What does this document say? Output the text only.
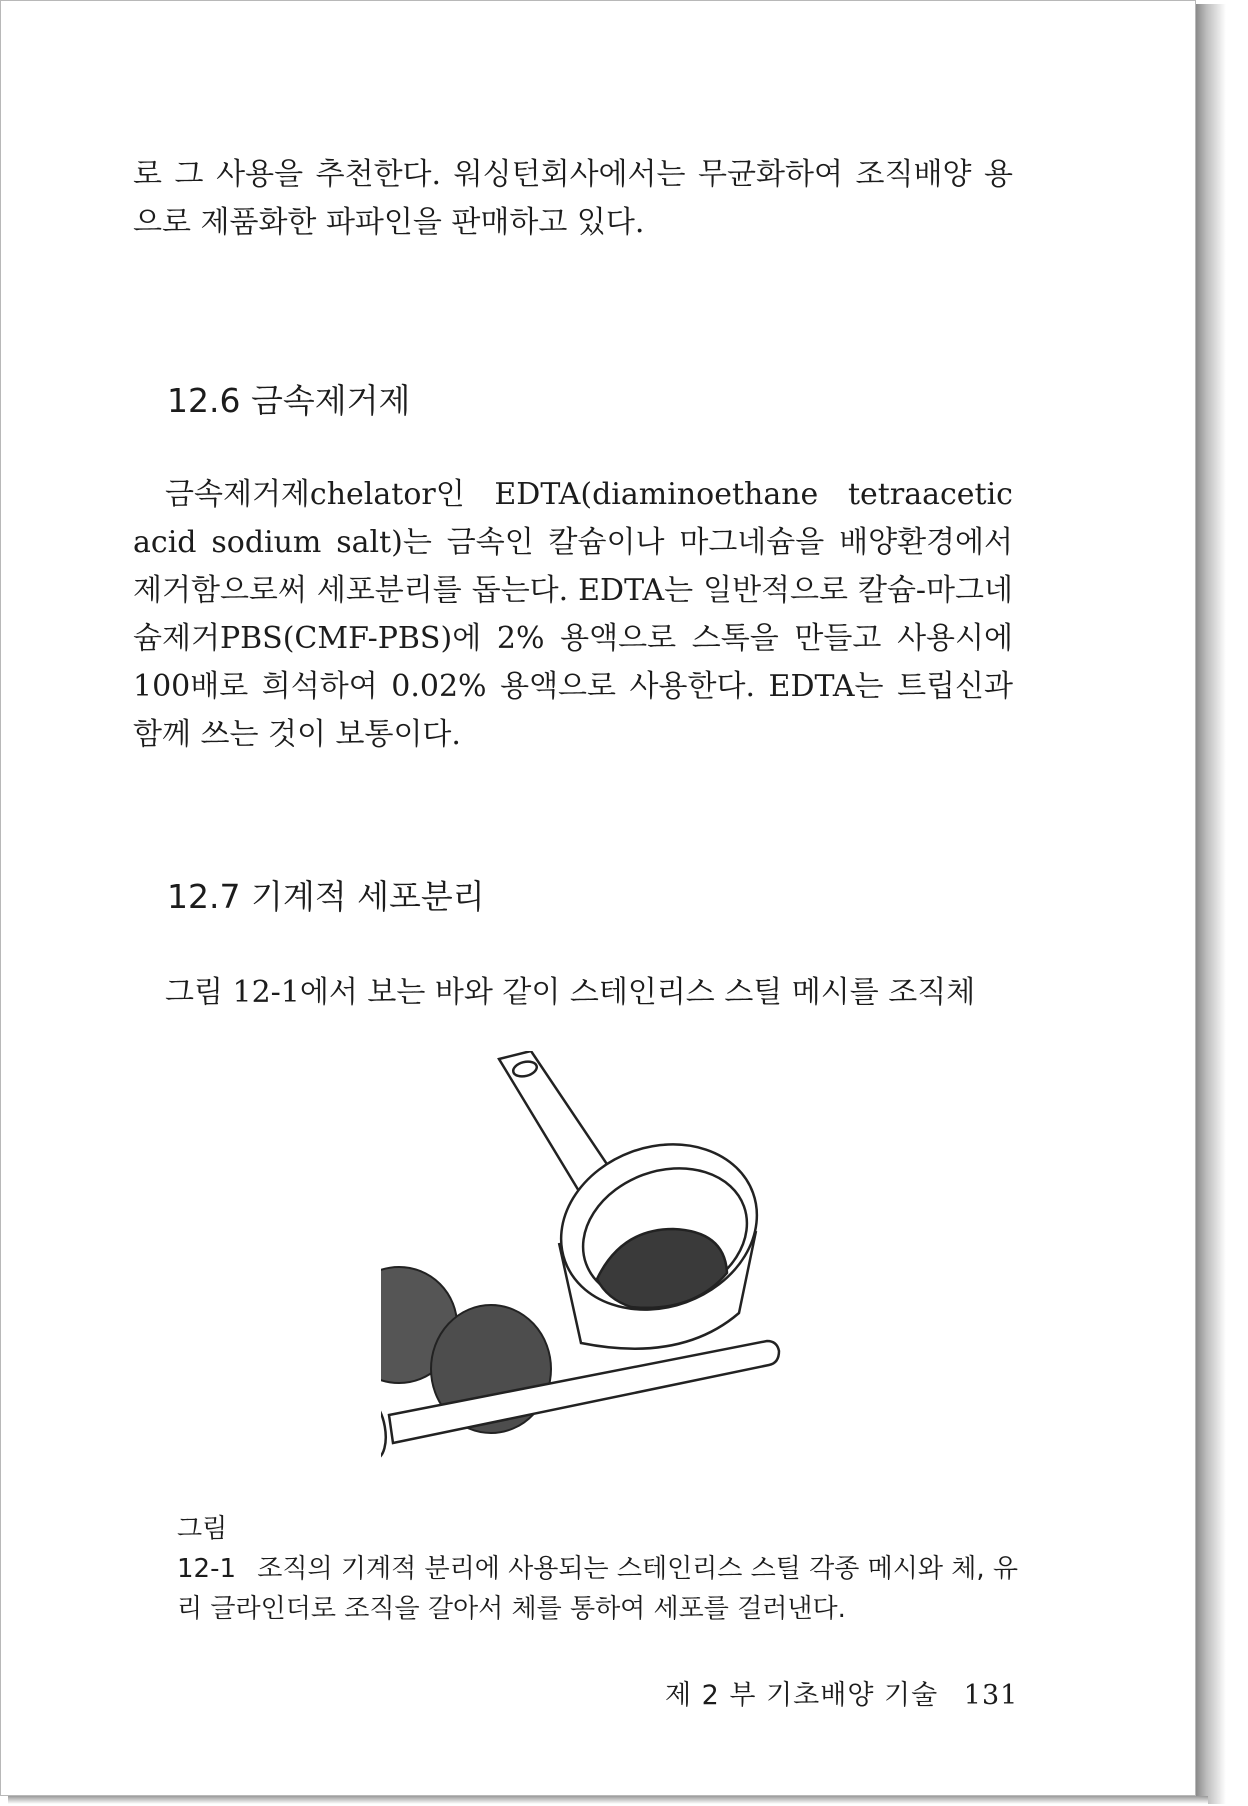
로 그 사용을 추천한다. 워싱턴회사에서는 무균화하여 조직배양 용으로 제품화한 파파인을 판매하고 있다.

12.6 금속제거제

금속제거제chelator인 EDTA(diaminoethane tetraacetic acid sodium salt)는 금속인 칼슘이나 마그네슘을 배양환경에서 제거함으로써 세포분리를 돕는다. EDTA는 일반적으로 칼슘-마그네슘제거PBS(CMF-PBS)에 2% 용액으로 스톡을 만들고 사용시에 100배로 희석하여 0.02% 용액으로 사용한다. EDTA는 트립신과 함께 쓰는 것이 보통이다.

12.7 기계적 세포분리

그림 12-1에서 보는 바와 같이 스테인리스 스틸 메시를 조직체

그림 12-1 조직의 기계적 분리에 사용되는 스테인리스 스틸 각종 메시와 체, 유리 글라인더로 조직을 갈아서 체를 통하여 세포를 걸러낸다.
제 2 부 기초배양 기술 131
